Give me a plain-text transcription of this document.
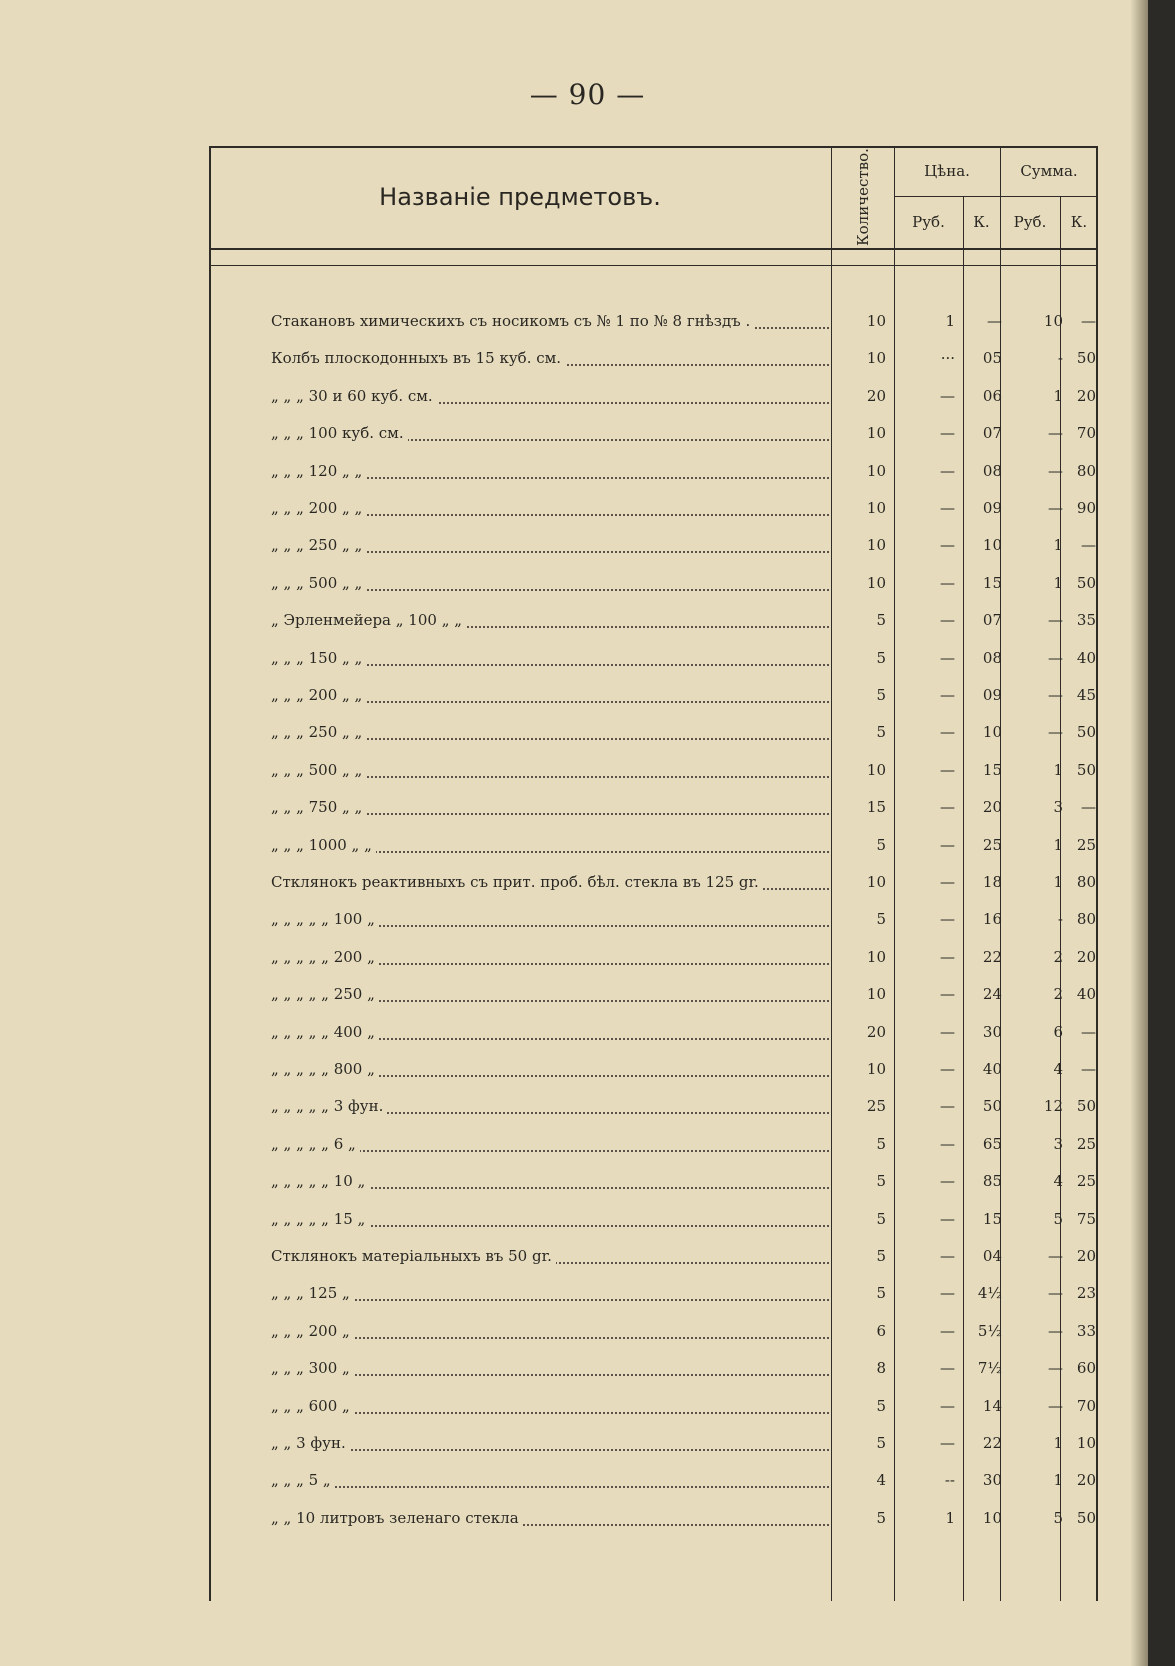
— 90 —
Названiе предметовъ.	Количество.	Цѣна.	Сумма.
Руб.	К.	Руб.	К.
Стакановъ химическихъ съ носикомъ съ № 1 по № 8 гнѣздъ .	10	1	—	10	—
Колбъ плоскодонныхъ въ 15 куб. см.	10	···	05	- 50
„ „ „ 30 и 60 куб. см.	20	—	06	1 20
„ „ „ 100 куб. см.	10	—	07	— 70
„ „ „ 120 „ „	10	—	08	— 80
„ „ „ 200 „ „	10	—	09	— 90
„ „ „ 250 „ „	10	—	10	1	—
„ „ „ 500 „ „	10	—	15	1 50
„ Эрленмейера „ 100 „ „	5	—	07	— 35
„ „ „ 150 „ „	5	—	08	— 40
„ „ „ 200 „ „	5	—	09	— 45
„ „ „ 250 „ „	5	—	10	— 50
„ „ „ 500 „ „	10	—	15	1 50
„ „ „ 750 „ „	15	—	20	3	—
„ „ „ 1000 „ „	5	—	25	1 25
Стклянокъ реактивныхъ съ прит. проб. бѣл. стекла въ 125 gr.	10	—	18	1 80
„ „ „ „ „ 100 „	5	—	16	- 80
„ „ „ „ „ 200 „	10	—	22	2 20
„ „ „ „ „ 250 „	10	—	24	2 40
„ „ „ „ „ 400 „	20	—	30	6	—
„ „ „ „ „ 800 „	10	—	40	4	—
„ „ „ „ „ 3 фун.	25	—	50	12 50
„ „ „ „ „ 6 „	5	—	65	3 25
„ „ „ „ „ 10 „	5	—	85	4 25
„ „ „ „ „ 15 „	5	—	15	5 75
Стклянокъ матерiальныхъ въ 50 gr.	5	—	04	— 20
„ „ „ 125 „	5	—	4½	— 23
„ „ „ 200 „	6	—	5½	— 33
„ „ „ 300 „	8	—	7½	— 60
„ „ „ 600 „	5	—	14	— 70
„ „ 3 фун.	5	—	22	1 10
„ „ „ 5 „	4	--	30	1 20
„ „ 10 литровъ зеленаго стекла	5	1	10	5 50
